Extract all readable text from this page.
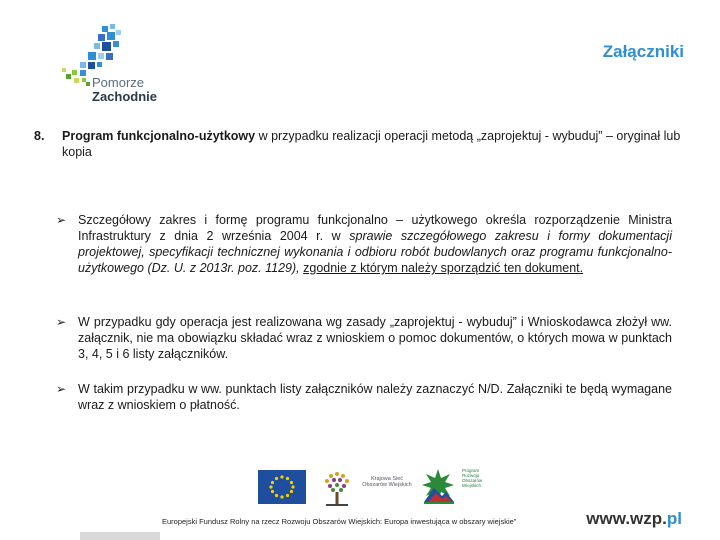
Pomorze
Zachodnie
Załączniki
8. Program funkcjonalno-użytkowy w przypadku realizacji operacji metodą „zaprojektuj - wybuduj” – oryginał lub kopia
➢ Szczegółowy zakres i formę programu funkcjonalno – użytkowego określa rozporządzenie Ministra Infrastruktury z dnia 2 września 2004 r. w sprawie szczegółowego zakresu i formy dokumentacji projektowej, specyfikacji technicznej wykonania i odbioru robót budowlanych oraz programu funkcjonalno-użytkowego (Dz. U. z 2013r. poz. 1129), zgodnie z którym należy sporządzić ten dokument.
➢ W przypadku gdy operacja jest realizowana wg zasady „zaprojektuj - wybuduj” i Wnioskodawca złożył ww. załącznik, nie ma obowiązku składać wraz z wnioskiem o pomoc dokumentów, o których mowa w punktach 3, 4, 5 i 6 listy załączników.
➢ W takim przypadku w ww. punktach listy załączników należy zaznaczyć N/D. Załączniki te będą wymagane wraz z wnioskiem o płatność.
Krajowa Sieć Obszarów Wiejskich
Program Rozwoju Obszarów Wiejskich
Europejski Fundusz Rolny na rzecz Rozwoju Obszarów Wiejskich: Europa inwestująca w obszary wiejskie”	www.wzp.pl
